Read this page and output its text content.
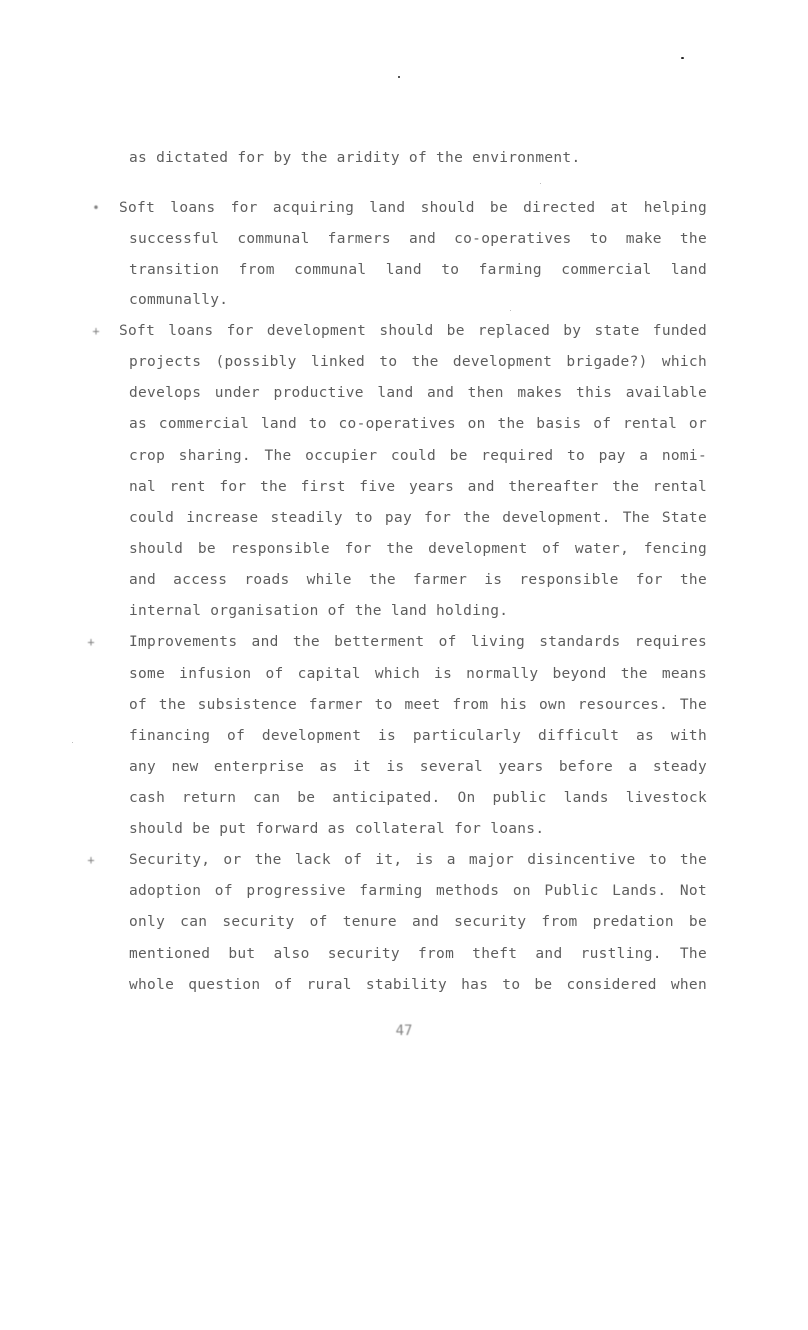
•
+
+
+
as dictated for by the aridity of the environment.
Soft loans for acquiring land should be directed at helping
successful communal farmers and co-operatives to make the
transition from communal land to farming commercial land
communally.
Soft loans for development should be replaced by state funded
projects (possibly linked to the development brigade?) which
develops under productive land and then makes this available
as commercial land to co-operatives on the basis of rental or
crop sharing. The occupier could be required to pay a nomi-
nal rent for the first five years and thereafter the rental
could increase steadily to pay for the development. The State
should be responsible for the development of water, fencing
and access roads while the farmer is responsible for the
internal organisation of the land holding.
Improvements and the betterment of living standards requires
some infusion of capital which is normally beyond the means
of the subsistence farmer to meet from his own resources. The
financing of development is particularly difficult as with
any new enterprise as it is several years before a steady
cash return can be anticipated. On public lands livestock
should be put forward as collateral for loans.
Security, or the lack of it, is a major disincentive to the
adoption of progressive farming methods on Public Lands. Not
only can security of tenure and security from predation be
mentioned but also security from theft and rustling. The
whole question of rural stability has to be considered when
47
